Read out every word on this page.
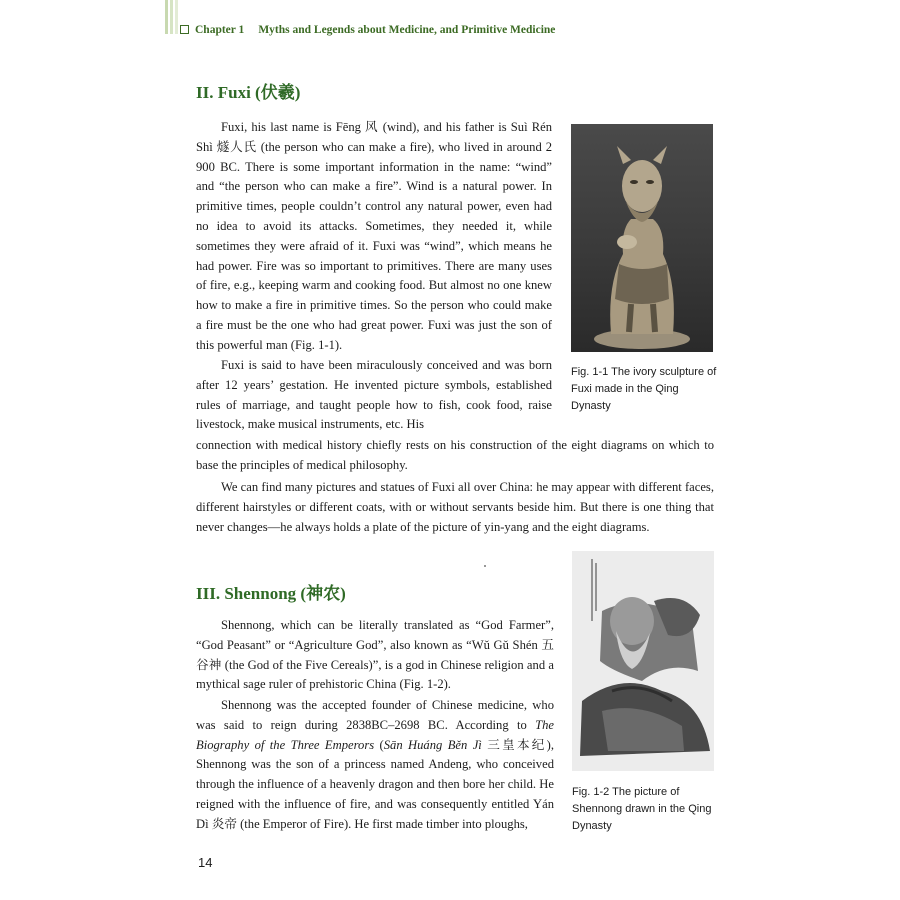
Chapter 1 Myths and Legends about Medicine, and Primitive Medicine
II. Fuxi (伏羲)

Fuxi, his last name is Fēng 风 (wind), and his father is Suì Rén Shì 燧人氏 (the person who can make a fire), who lived in around 2 900 BC. There is some important information in the name: “wind” and “the person who can make a fire”. Wind is a natural power. In primitive times, people couldn’t control any natural power, even had no idea to avoid its attacks. Sometimes, they needed it, while sometimes they were afraid of it. Fuxi was “wind”, which means he had power. Fire was so important to primitives. There are many uses of fire, e.g., keeping warm and cooking food. But almost no one knew how to make a fire in primitive times. So the person who could make a fire must be the one who had great power. Fuxi was just the son of this powerful man (Fig. 1-1).

Fuxi is said to have been miraculously conceived and was born after 12 years’ gestation. He invented picture symbols, established rules of marriage, and taught people how to fish, cook food, raise livestock, make musical instruments, etc. His

connection with medical history chiefly rests on his construction of the eight diagrams on which to base the principles of medical philosophy.

We can find many pictures and statues of Fuxi all over China: he may appear with different faces, different hairstyles or different coats, with or without servants beside him. But there is one thing that never changes—he always holds a plate of the picture of yin-yang and the eight diagrams.

Fig. 1-1 The ivory sculpture of Fuxi made in the Qing Dynasty
III. Shennong (神农)

Shennong, which can be literally translated as “God Farmer”, “God Peasant” or “Agriculture God”, also known as “Wǔ Gǔ Shén 五谷神 (the God of the Five Cereals)”, is a god in Chinese religion and a mythical sage ruler of prehistoric China (Fig. 1-2).

Shennong was the accepted founder of Chinese medicine, who was said to reign during 2838BC–2698 BC. According to The Biography of the Three Emperors (Sān Huáng Běn Jì 三皇本纪), Shennong was the son of a princess named Andeng, who conceived through the influence of a heavenly dragon and then bore her child. He reigned with the influence of fire, and was consequently entitled Yán Dì 炎帝 (the Emperor of Fire). He first made timber into ploughs,

Fig. 1-2 The picture of Shennong drawn in the Qing Dynasty
14
